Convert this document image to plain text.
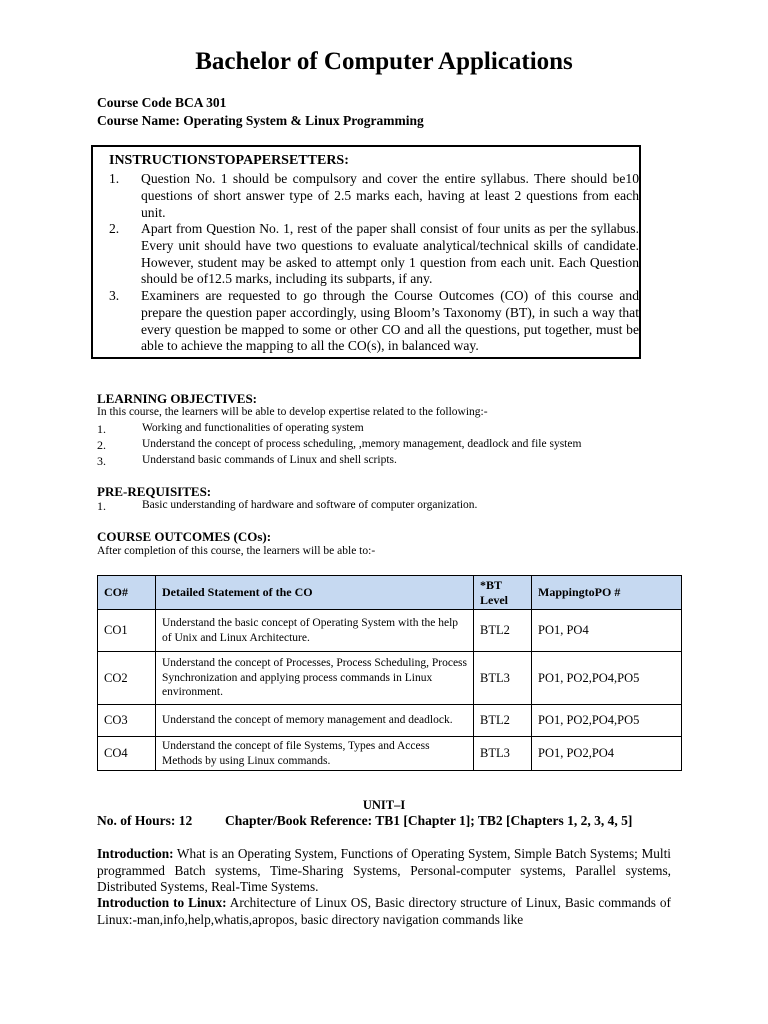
Bachelor of Computer Applications
Course Code BCA 301
Course Name: Operating System & Linux Programming
INSTRUCTIONSTOPAPERSETTERS:
1. Question No. 1 should be compulsory and cover the entire syllabus. There should be10 questions of short answer type of 2.5 marks each, having at least 2 questions from each unit.
2. Apart from Question No. 1, rest of the paper shall consist of four units as per the syllabus. Every unit should have two questions to evaluate analytical/technical skills of candidate. However, student may be asked to attempt only 1 question from each unit. Each Question should be of12.5 marks, including its subparts, if any.
3. Examiners are requested to go through the Course Outcomes (CO) of this course and prepare the question paper accordingly, using Bloom’s Taxonomy (BT), in such a way that every question be mapped to some or other CO and all the questions, put together, must be able to achieve the mapping to all the CO(s), in balanced way.
LEARNING OBJECTIVES:
In this course, the learners will be able to develop expertise related to the following:-
1.	Working and functionalities of operating system
2.	Understand the concept of process scheduling, ,memory management, deadlock and file system
3.	Understand basic commands of Linux and shell scripts.
PRE-REQUISITES:
1.	Basic understanding of hardware and software of computer organization.
COURSE OUTCOMES (COs):
After completion of this course, the learners will be able to:-
CO#	Detailed Statement of the CO	*BT Level	MappingtoPO #
CO1	Understand the basic concept of Operating System with the help of Unix and Linux Architecture.	BTL2	PO1, PO4
CO2	Understand the concept of Processes, Process Scheduling, Process Synchronization and applying process commands in Linux environment.	BTL3	PO1, PO2,PO4,PO5
CO3	Understand the concept of memory management and deadlock.	BTL2	PO1, PO2,PO4,PO5
CO4	Understand the concept of file Systems, Types and Access Methods by using Linux commands.	BTL3	PO1, PO2,PO4
UNIT–I
No. of Hours: 12 Chapter/Book Reference: TB1 [Chapter 1]; TB2 [Chapters 1, 2, 3, 4, 5]
Introduction: What is an Operating System, Functions of Operating System, Simple Batch Systems; Multi programmed Batch systems, Time-Sharing Systems, Personal-computer systems, Parallel systems, Distributed Systems, Real-Time Systems.
Introduction to Linux: Architecture of Linux OS, Basic directory structure of Linux, Basic commands of Linux:-man,info,help,whatis,apropos, basic directory navigation commands like
